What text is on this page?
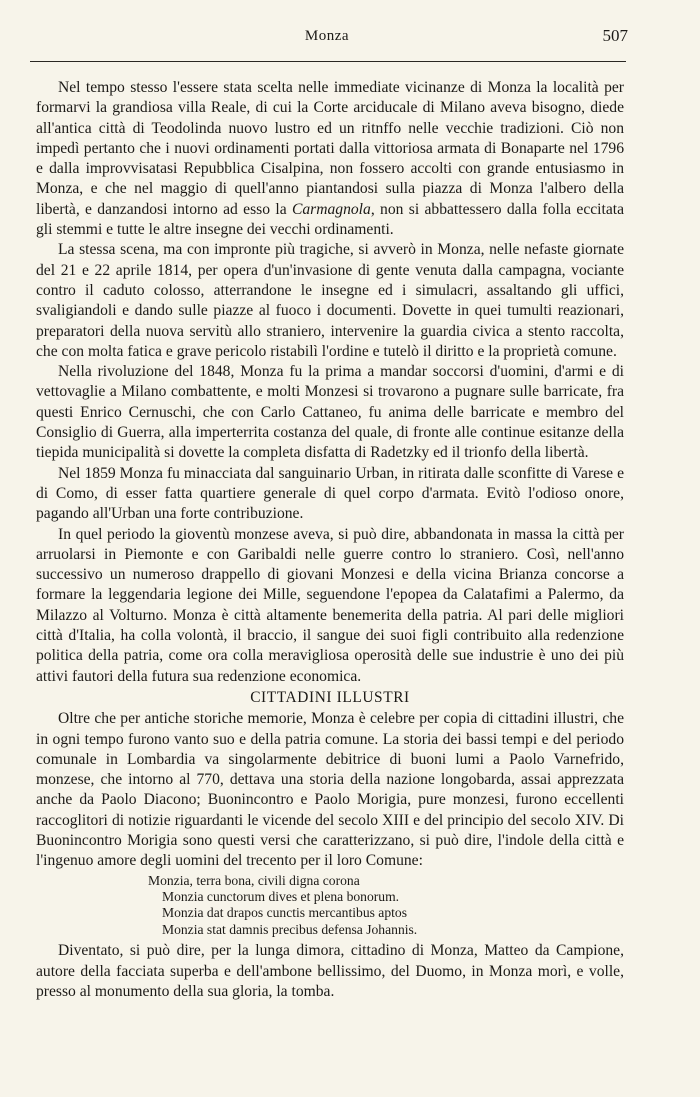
Monza	507

Nel tempo stesso l'essere stata scelta nelle immediate vicinanze di Monza la località per formarvi la grandiosa villa Reale, di cui la Corte arciducale di Milano aveva bisogno, diede all'antica città di Teodolinda nuovo lustro ed un ritnffo nelle vecchie tradizioni. Ciò non impedì pertanto che i nuovi ordinamenti portati dalla vittoriosa armata di Bonaparte nel 1796 e dalla improvvisatasi Repubblica Cisalpina, non fossero accolti con grande entusiasmo in Monza, e che nel maggio di quell'anno piantandosi sulla piazza di Monza l'albero della libertà, e danzandosi intorno ad esso la Carmagnola, non si abbattessero dalla folla eccitata gli stemmi e tutte le altre insegne dei vecchi ordinamenti.

La stessa scena, ma con impronte più tragiche, si avverò in Monza, nelle nefaste giornate del 21 e 22 aprile 1814, per opera d'un'invasione di gente venuta dalla campagna, vociante contro il caduto colosso, atterrandone le insegne ed i simulacri, assaltando gli uffici, svaligiandoli e dando sulle piazze al fuoco i documenti. Dovette in quei tumulti reazionari, preparatori della nuova servitù allo straniero, intervenire la guardia civica a stento raccolta, che con molta fatica e grave pericolo ristabilì l'ordine e tutelò il diritto e la proprietà comune.

Nella rivoluzione del 1848, Monza fu la prima a mandar soccorsi d'uomini, d'armi e di vettovaglie a Milano combattente, e molti Monzesi si trovarono a pugnare sulle barricate, fra questi Enrico Cernuschi, che con Carlo Cattaneo, fu anima delle barricate e membro del Consiglio di Guerra, alla imperterrita costanza del quale, di fronte alle continue esitanze della tiepida municipalità si dovette la completa disfatta di Radetzky ed il trionfo della libertà.

Nel 1859 Monza fu minacciata dal sanguinario Urban, in ritirata dalle sconfitte di Varese e di Como, di esser fatta quartiere generale di quel corpo d'armata. Evitò l'odioso onore, pagando all'Urban una forte contribuzione.

In quel periodo la gioventù monzese aveva, si può dire, abbandonata in massa la città per arruolarsi in Piemonte e con Garibaldi nelle guerre contro lo straniero. Così, nell'anno successivo un numeroso drappello di giovani Monzesi e della vicina Brianza concorse a formare la leggendaria legione dei Mille, seguendone l'epopea da Calatafimi a Palermo, da Milazzo al Volturno. Monza è città altamente benemerita della patria. Al pari delle migliori città d'Italia, ha colla volontà, il braccio, il sangue dei suoi figli contribuito alla redenzione politica della patria, come ora colla meravigliosa operosità delle sue industrie è uno dei più attivi fautori della futura sua redenzione economica.

CITTADINI ILLUSTRI

Oltre che per antiche storiche memorie, Monza è celebre per copia di cittadini illustri, che in ogni tempo furono vanto suo e della patria comune. La storia dei bassi tempi e del periodo comunale in Lombardia va singolarmente debitrice di buoni lumi a Paolo Varnefrido, monzese, che intorno al 770, dettava una storia della nazione longobarda, assai apprezzata anche da Paolo Diacono; Buonincontro e Paolo Morigia, pure monzesi, furono eccellenti raccoglitori di notizie riguardanti le vicende del secolo XIII e del principio del secolo XIV. Di Buonincontro Morigia sono questi versi che caratterizzano, si può dire, l'indole della città e l'ingenuo amore degli uomini del trecento per il loro Comune:

Monzia, terra bona, civili digna corona
Monzia cunctorum dives et plena bonorum.
Monzia dat drapos cunctis mercantibus aptos
Monzia stat damnis precibus defensa Johannis.

Diventato, si può dire, per la lunga dimora, cittadino di Monza, Matteo da Campione, autore della facciata superba e dell'ambone bellissimo, del Duomo, in Monza morì, e volle, presso al monumento della sua gloria, la tomba.
